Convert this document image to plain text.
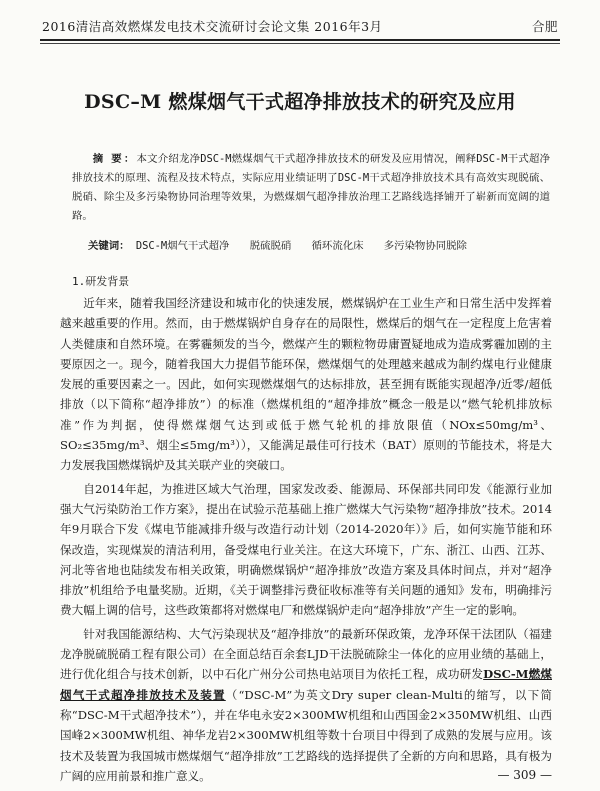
2016清洁高效燃煤发电技术交流研讨会论文集 2016年3月	合肥
DSC–M 燃煤烟气干式超净排放技术的研究及应用
摘 要：本文介绍龙净DSC-M燃煤烟气干式超净排放技术的研发及应用情况，阐释DSC-M干式超净排放技术的原理、流程及技术特点，实际应用业绩证明了DSC-M干式超净排放技术具有高效实现脱硫、脱硝、除尘及多污染物协同治理等效果，为燃煤烟气超净排放治理工艺路线选择铺开了崭新而宽阔的道路。
关键词： DSC-M烟气干式超净 脱硫脱硝 循环流化床 多污染物协同脱除
1.研发背景

近年来，随着我国经济建设和城市化的快速发展，燃煤锅炉在工业生产和日常生活中发挥着越来越重要的作用。然而，由于燃煤锅炉自身存在的局限性，燃煤后的烟气在一定程度上危害着人类健康和自然环境。在雾霾频发的当今，燃煤产生的颗粒物毋庸置疑地成为造成雾霾加剧的主要原因之一。现今，随着我国大力提倡节能环保，燃煤烟气的处理越来越成为制约煤电行业健康发展的重要因素之一。因此，如何实现燃煤烟气的达标排放，甚至拥有既能实现超净/近零/超低排放（以下简称“超净排放”）的标准（燃煤机组的“超净排放”概念一般是以“燃气轮机排放标准”作为判据，使得燃煤烟气达到或低于燃气轮机的排放限值（NOx≤50mg/m³、SO₂≤35mg/m³、烟尘≤5mg/m³）），又能满足最佳可行技术（BAT）原则的节能技术，将是大力发展我国燃煤锅炉及其关联产业的突破口。

自2014年起，为推进区域大气治理，国家发改委、能源局、环保部共同印发《能源行业加强大气污染防治工作方案》，提出在试验示范基础上推广燃煤大气污染物“超净排放”技术。2014年9月联合下发《煤电节能减排升级与改造行动计划（2014-2020年）》后，如何实施节能和环保改造，实现煤炭的清洁利用，备受煤电行业关注。在这大环境下，广东、浙江、山西、江苏、河北等省地也陆续发布相关政策，明确燃煤锅炉“超净排放”改造方案及具体时间点，并对“超净排放”机组给予电量奖励。近期，《关于调整排污费征收标准等有关问题的通知》发布，明确排污费大幅上调的信号，这些政策都将对燃煤电厂和燃煤锅炉走向“超净排放”产生一定的影响。

针对我国能源结构、大气污染现状及“超净排放”的最新环保政策，龙净环保干法团队（福建龙净脱硫脱硝工程有限公司）在全面总结百余套LJD干法脱硫除尘一体化的应用业绩的基础上，进行优化组合与技术创新，以中石化广州分公司热电站项目为依托工程，成功研发DSC-M燃煤烟气干式超净排放技术及装置（“DSC-M”为英文Dry super clean-Multi的缩写，以下简称“DSC-M干式超净技术”），并在华电永安2×300MW机组和山西国金2×350MW机组、山西国峰2×300MW机组、神华龙岩2×300MW机组等数十台项目中得到了成熟的发展与应用。该技术及装置为我国城市燃煤烟气“超净排放”工艺路线的选择提供了全新的方向和思路，具有极为广阔的应用前景和推广意义。	— 309 —
